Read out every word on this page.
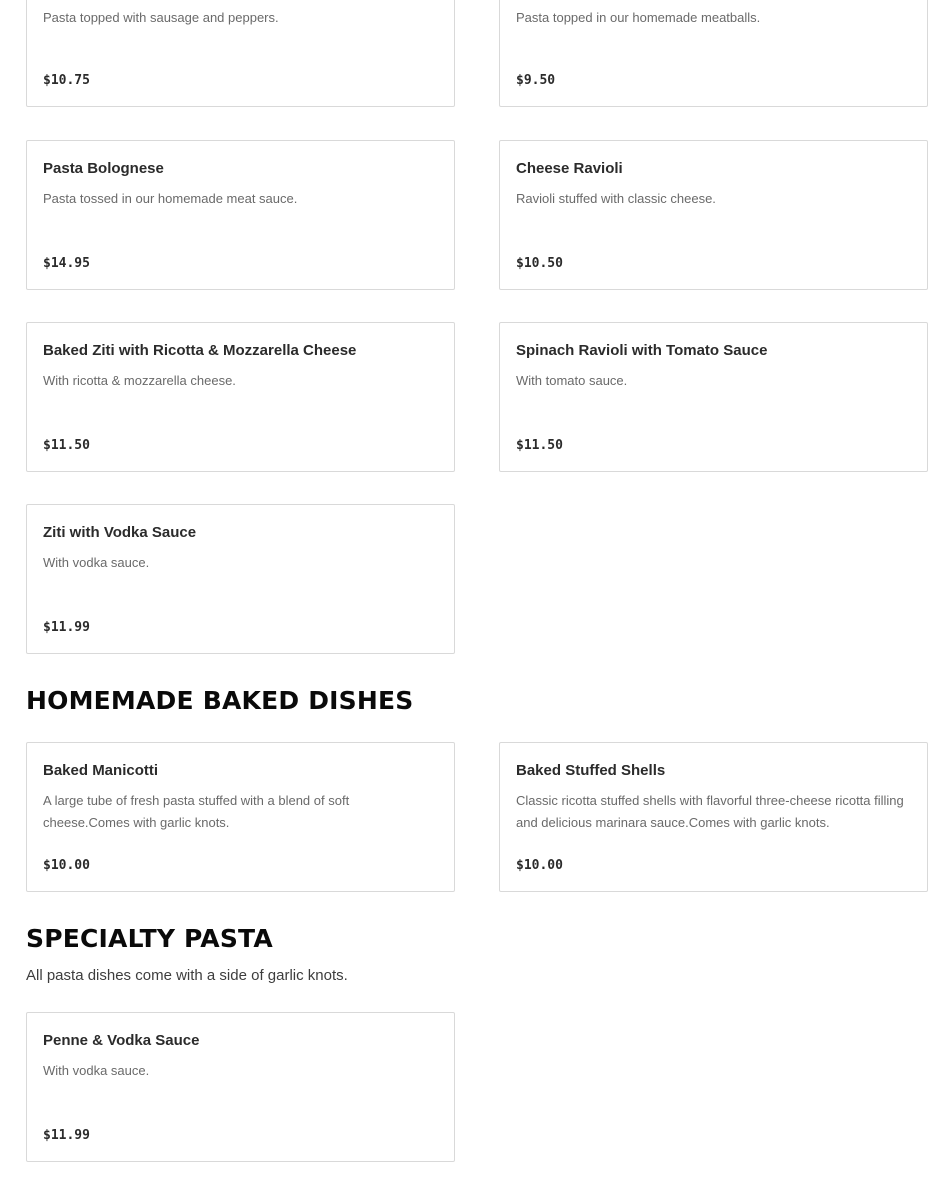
Pasta topped with sausage and peppers.
$10.75
Pasta topped in our homemade meatballs.
$9.50
Pasta Bolognese
Pasta tossed in our homemade meat sauce.
$14.95
Cheese Ravioli
Ravioli stuffed with classic cheese.
$10.50
Baked Ziti with Ricotta & Mozzarella Cheese
With ricotta & mozzarella cheese.
$11.50
Spinach Ravioli with Tomato Sauce
With tomato sauce.
$11.50
Ziti with Vodka Sauce
With vodka sauce.
$11.99
HOMEMADE BAKED DISHES
Baked Manicotti
A large tube of fresh pasta stuffed with a blend of soft cheese.Comes with garlic knots.
$10.00
Baked Stuffed Shells
Classic ricotta stuffed shells with flavorful three-cheese ricotta filling and delicious marinara sauce.Comes with garlic knots.
$10.00
SPECIALTY PASTA
All pasta dishes come with a side of garlic knots.
Penne & Vodka Sauce
With vodka sauce.
$11.99
